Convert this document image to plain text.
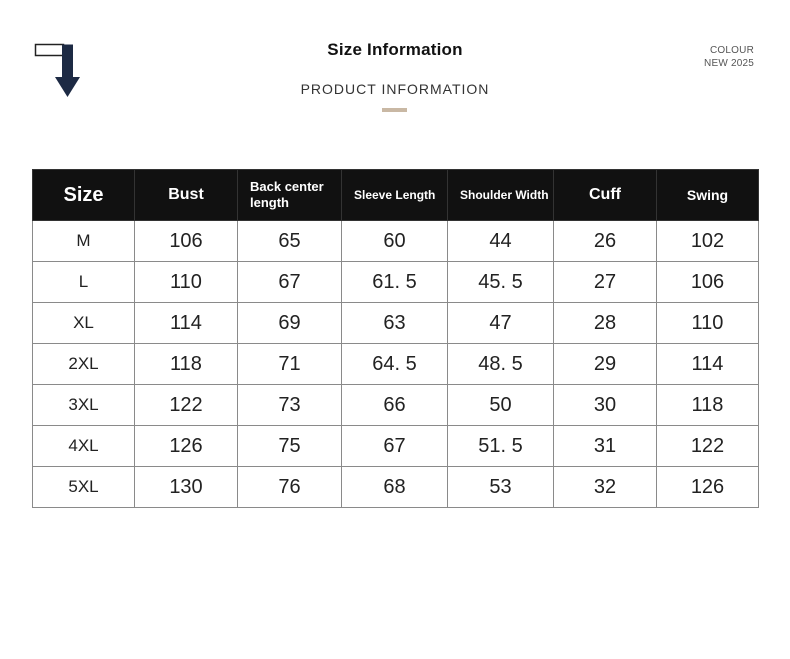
Size Information	COLOUR
NEW 2025
PRODUCT INFORMATION
Size	Bust	Back center length	Sleeve Length	Shoulder Width	Cuff	Swing
M	106	65	60	44	26	102
L	110	67	61. 5	45. 5	27	106
XL	114	69	63	47	28	110
2XL	118	71	64. 5	48. 5	29	114
3XL	122	73	66	50	30	118
4XL	126	75	67	51. 5	31	122
5XL	130	76	68	53	32	126
